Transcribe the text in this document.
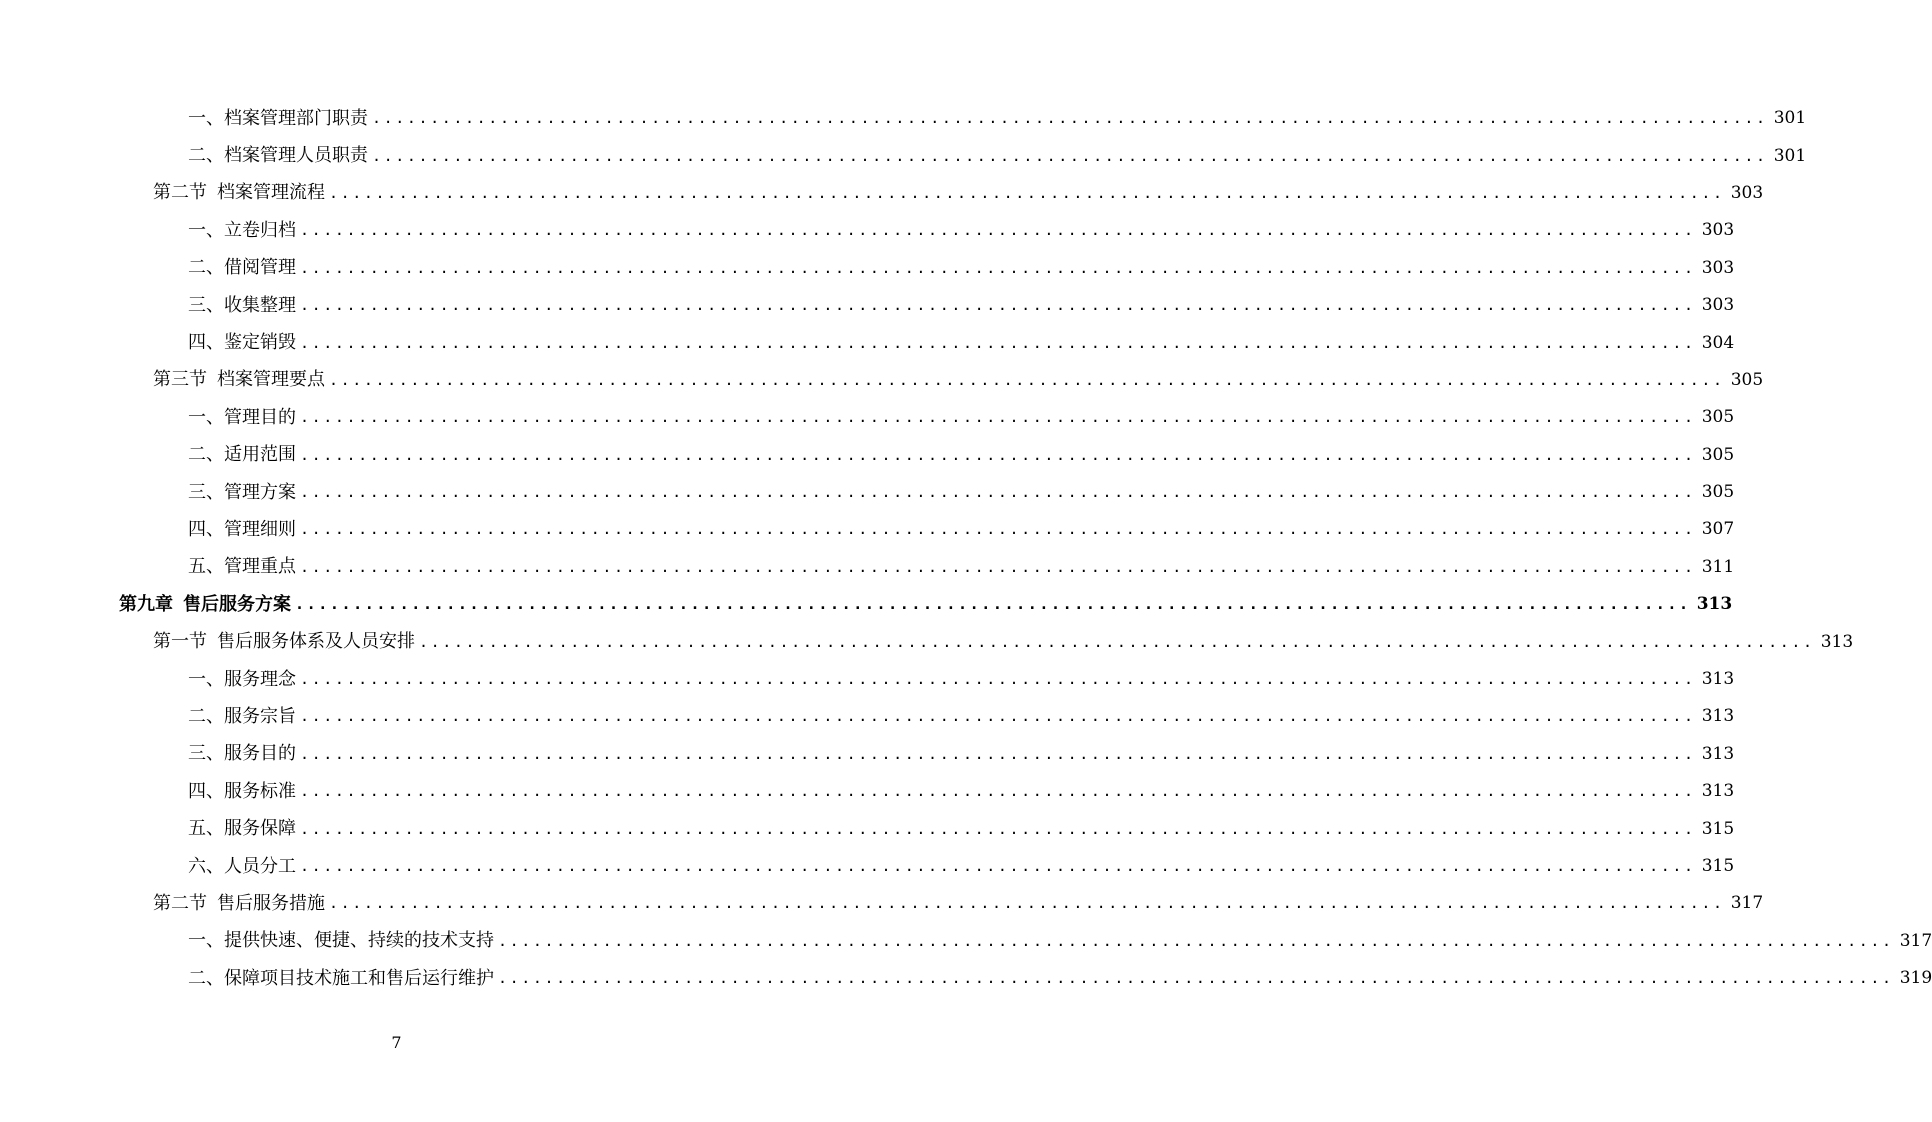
一、档案管理部门职责 ........................................................................................................................ 301
二、档案管理人员职责 ........................................................................................................................ 301
第二节 档案管理流程 ........................................................................................................................ 303
一、立卷归档 ........................................................................................................................ 303
二、借阅管理 ........................................................................................................................ 303
三、收集整理 ........................................................................................................................ 303
四、鉴定销毁 ........................................................................................................................ 304
第三节 档案管理要点 ........................................................................................................................ 305
一、管理目的 ........................................................................................................................ 305
二、适用范围 ........................................................................................................................ 305
三、管理方案 ........................................................................................................................ 305
四、管理细则 ........................................................................................................................ 307
五、管理重点 ........................................................................................................................ 311
第九章 售后服务方案 ........................................................................................................................ 313
第一节 售后服务体系及人员安排 ........................................................................................................................ 313
一、服务理念 ........................................................................................................................ 313
二、服务宗旨 ........................................................................................................................ 313
三、服务目的 ........................................................................................................................ 313
四、服务标准 ........................................................................................................................ 313
五、服务保障 ........................................................................................................................ 315
六、人员分工 ........................................................................................................................ 315
第二节 售后服务措施 ........................................................................................................................ 317
一、提供快速、便捷、持续的技术支持 ........................................................................................................................ 317
二、保障项目技术施工和售后运行维护 ........................................................................................................................ 319
7
